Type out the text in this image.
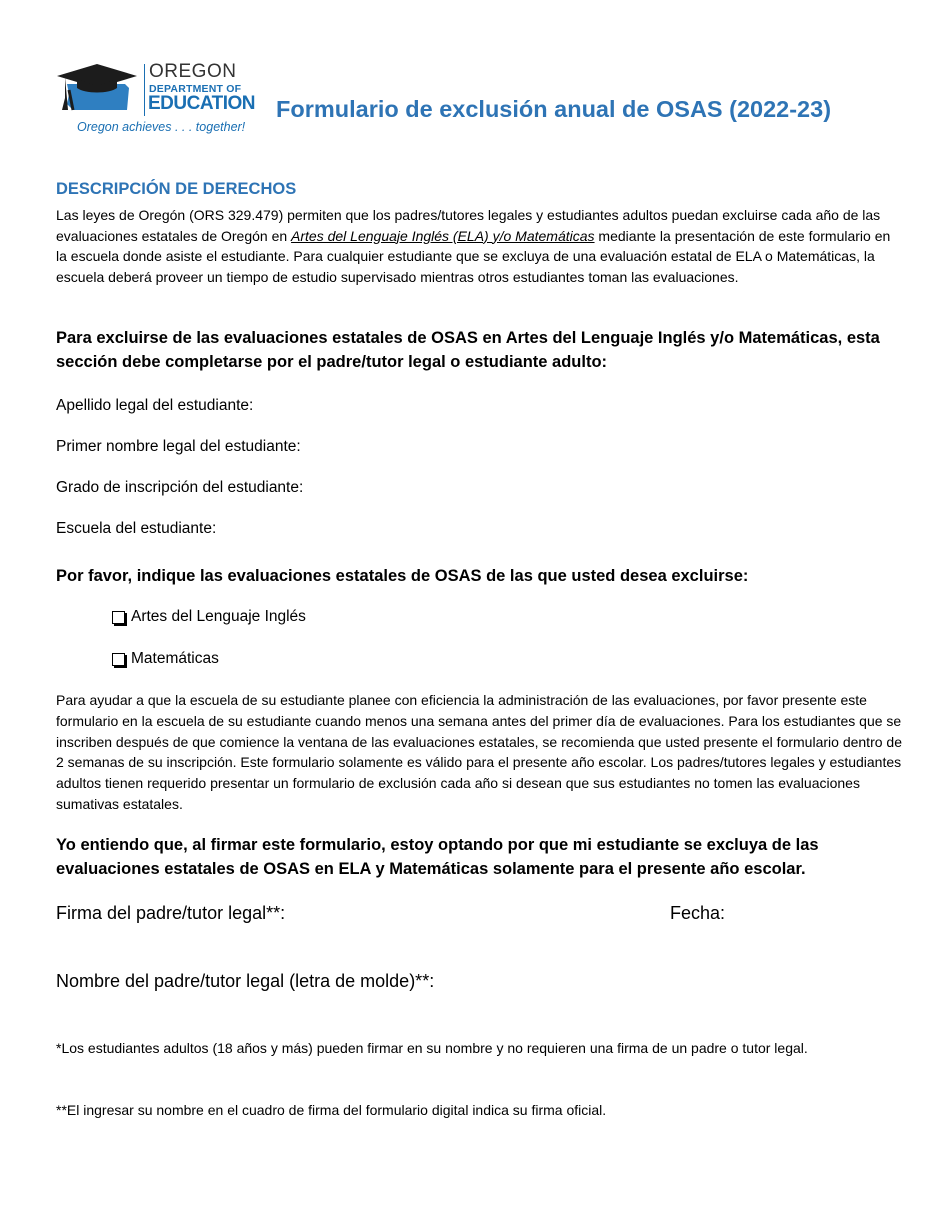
OREGON
DEPARTMENT OF
EDUCATION
Oregon achieves . . . together!
Formulario de exclusión anual de OSAS (2022-23)
DESCRIPCIÓN DE DERECHOS

Las leyes de Oregón (ORS 329.479) permiten que los padres/tutores legales y estudiantes adultos puedan excluirse cada año de las evaluaciones estatales de Oregón en Artes del Lenguaje Inglés (ELA) y/o Matemáticas mediante la presentación de este formulario en la escuela donde asiste el estudiante. Para cualquier estudiante que se excluya de una evaluación estatal de ELA o Matemáticas, la escuela deberá proveer un tiempo de estudio supervisado mientras otros estudiantes toman las evaluaciones.

Para excluirse de las evaluaciones estatales de OSAS en Artes del Lenguaje Inglés y/o Matemáticas, esta sección debe completarse por el padre/tutor legal o estudiante adulto:

Apellido legal del estudiante:

Primer nombre legal del estudiante:

Grado de inscripción del estudiante:

Escuela del estudiante:

Por favor, indique las evaluaciones estatales de OSAS de las que usted desea excluirse:

Artes del Lenguaje Inglés
Matemáticas

Para ayudar a que la escuela de su estudiante planee con eficiencia la administración de las evaluaciones, por favor presente este formulario en la escuela de su estudiante cuando menos una semana antes del primer día de evaluaciones. Para los estudiantes que se inscriben después de que comience la ventana de las evaluaciones estatales, se recomienda que usted presente el formulario dentro de 2 semanas de su inscripción. Este formulario solamente es válido para el presente año escolar. Los padres/tutores legales y estudiantes adultos tienen requerido presentar un formulario de exclusión cada año si desean que sus estudiantes no tomen las evaluaciones sumativas estatales.

Yo entiendo que, al firmar este formulario, estoy optando por que mi estudiante se excluya de las evaluaciones estatales de OSAS en ELA y Matemáticas solamente para el presente año escolar.

Firma del padre/tutor legal**:	Fecha:

Nombre del padre/tutor legal (letra de molde)**:

*Los estudiantes adultos (18 años y más) pueden firmar en su nombre y no requieren una firma de un padre o tutor legal.

**El ingresar su nombre en el cuadro de firma del formulario digital indica su firma oficial.
